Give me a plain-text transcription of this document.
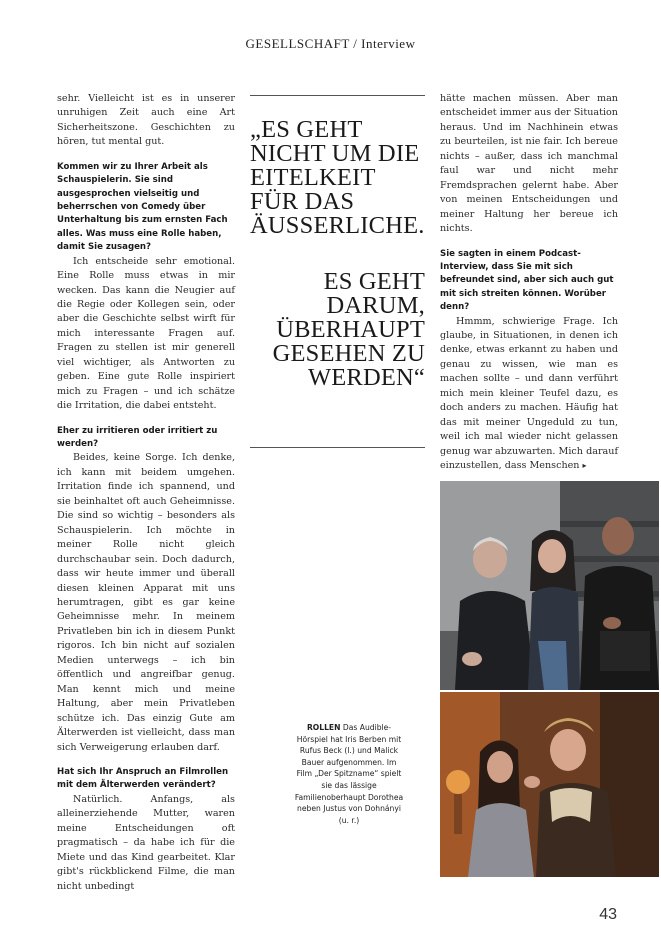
GESELLSCHAFT / Interview

sehr. Vielleicht ist es in unserer unruhigen Zeit auch eine Art Sicherheitszone. Geschichten zu hören, tut mental gut.

Kommen wir zu Ihrer Arbeit als Schauspielerin. Sie sind ausgesprochen vielseitig und beherrschen von Comedy über Unterhaltung bis zum ernsten Fach alles. Was muss eine Rolle haben, damit Sie zusagen?

Ich entscheide sehr emotional. Eine Rolle muss etwas in mir wecken. Das kann die Neugier auf die Regie oder Kollegen sein, oder aber die Geschichte selbst wirft für mich interessante Fragen auf. Fragen zu stellen ist mir generell viel wichtiger, als Antworten zu geben. Eine gute Rolle inspiriert mich zu Fragen – und ich schätze die Irritation, die dabei entsteht.

Eher zu irritieren oder irritiert zu werden?

Beides, keine Sorge. Ich denke, ich kann mit beidem umgehen. Irritation finde ich spannend, und sie beinhaltet oft auch Geheimnisse. Die sind so wichtig – besonders als Schauspielerin. Ich möchte in meiner Rolle nicht gleich durchschaubar sein. Doch dadurch, dass wir heute immer und überall diesen kleinen Apparat mit uns herumtragen, gibt es gar keine Geheimnisse mehr. In meinem Privatleben bin ich in diesem Punkt rigoros. Ich bin nicht auf sozialen Medien unterwegs – ich bin öffentlich und angreifbar genug. Man kennt mich und meine Haltung, aber mein Privatleben schütze ich. Das einzig Gute am Älterwerden ist vielleicht, dass man sich Verweigerung erlauben darf.

Hat sich Ihr Anspruch an Filmrollen mit dem Älterwerden verändert?

Natürlich. Anfangs, als alleinerziehende Mutter, waren meine Entscheidungen oft pragmatisch – da habe ich für die Miete und das Kind gearbeitet. Klar gibt's rückblickend Filme, die man nicht unbedingt

„ES GEHT NICHT UM DIE EITELKEIT FÜR DAS ÄUSSERLICHE.
ES GEHT DARUM, ÜBERHAUPT GESEHEN ZU WERDEN“

hätte machen müssen. Aber man entscheidet immer aus der Situation heraus. Und im Nachhinein etwas zu beurteilen, ist nie fair. Ich bereue nichts – außer, dass ich manchmal faul war und nicht mehr Fremdsprachen gelernt habe. Aber von meinen Entscheidungen und meiner Haltung her bereue ich nichts.

Sie sagten in einem Podcast-Interview, dass Sie mit sich befreundet sind, aber sich auch gut mit sich streiten können. Worüber denn?

Hmmm, schwierige Frage. Ich glaube, in Situationen, in denen ich denke, etwas erkannt zu haben und genau zu wissen, wie man es machen sollte – und dann verführt mich mein kleiner Teufel dazu, es doch anders zu machen. Häufig hat das mit meiner Ungeduld zu tun, weil ich mal wieder nicht gelassen genug war abzuwarten. Mich darauf einzustellen, dass Menschen ▸

ROLLEN Das Audible-Hörspiel hat Iris Berben mit Rufus Beck (l.) und Malick Bauer aufgenommen. Im Film „Der Spitzname“ spielt sie das lässige Familienoberhaupt Dorothea neben Justus von Dohnányi (u. r.)
43
